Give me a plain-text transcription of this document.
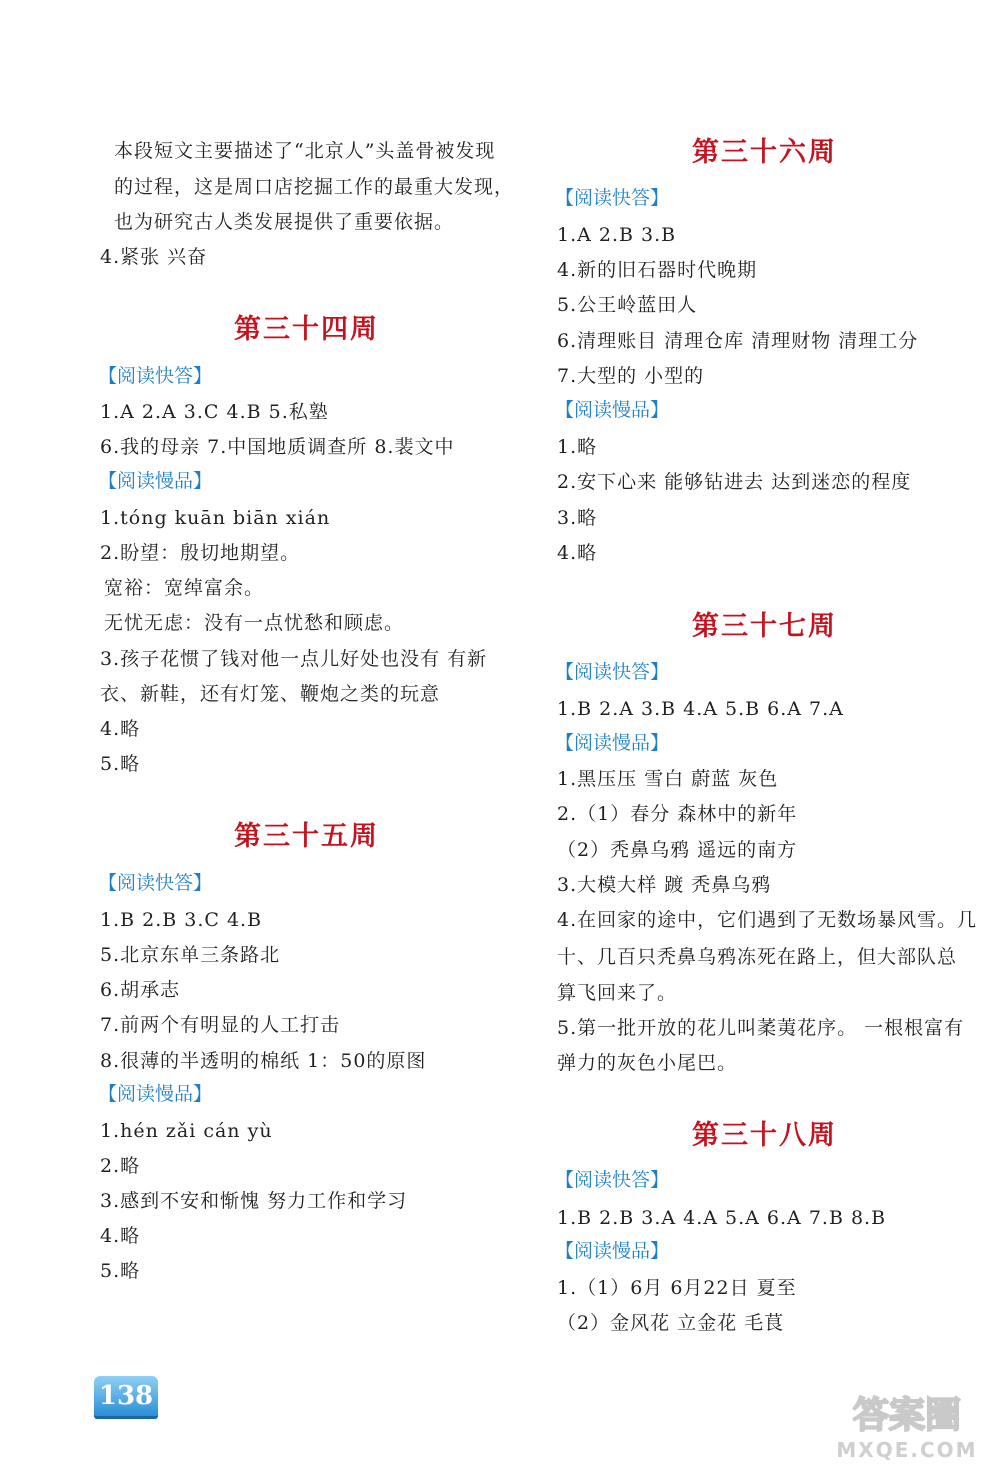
本段短文主要描述了“北京人”头盖骨被发现
的过程，这是周口店挖掘工作的最重大发现，
也为研究古人类发展提供了重要依据。
4.紧张 兴奋
第三十四周
【阅读快答】
1.A 2.A 3.C 4.B 5.私塾
6.我的母亲 7.中国地质调查所 8.裴文中
【阅读慢品】
1.tóng kuān biān xián
2.盼望：殷切地期望。
宽裕：宽绰富余。
无忧无虑：没有一点忧愁和顾虑。
3.孩子花惯了钱对他一点儿好处也没有 有新
衣、新鞋，还有灯笼、鞭炮之类的玩意
4.略
5.略
第三十五周
【阅读快答】
1.B 2.B 3.C 4.B
5.北京东单三条路北
6.胡承志
7.前两个有明显的人工打击
8.很薄的半透明的棉纸 1：50的原图
【阅读慢品】
1.hén zǎi cán yù
2.略
3.感到不安和惭愧 努力工作和学习
4.略
5.略
第三十六周
【阅读快答】
1.A 2.B 3.B
4.新的旧石器时代晚期
5.公王岭蓝田人
6.清理账目 清理仓库 清理财物 清理工分
7.大型的 小型的
【阅读慢品】
1.略
2.安下心来 能够钻进去 达到迷恋的程度
3.略
4.略
第三十七周
【阅读快答】
1.B 2.A 3.B 4.A 5.B 6.A 7.A
【阅读慢品】
1.黑压压 雪白 蔚蓝 灰色
2.（1）春分 森林中的新年
（2）秃鼻乌鸦 遥远的南方
3.大模大样 踱 秃鼻乌鸦
4.在回家的途中，它们遇到了无数场暴风雪。几
十、几百只秃鼻乌鸦冻死在路上，但大部队总
算飞回来了。
5.第一批开放的花儿叫葇荑花序。 一根根富有
弹力的灰色小尾巴。
第三十八周
【阅读快答】
1.B 2.B 3.A 4.A 5.A 6.A 7.B 8.B
【阅读慢品】
1.（1）6月 6月22日 夏至
（2）金风花 立金花 毛茛
138	答案圈
MXQE.COM
